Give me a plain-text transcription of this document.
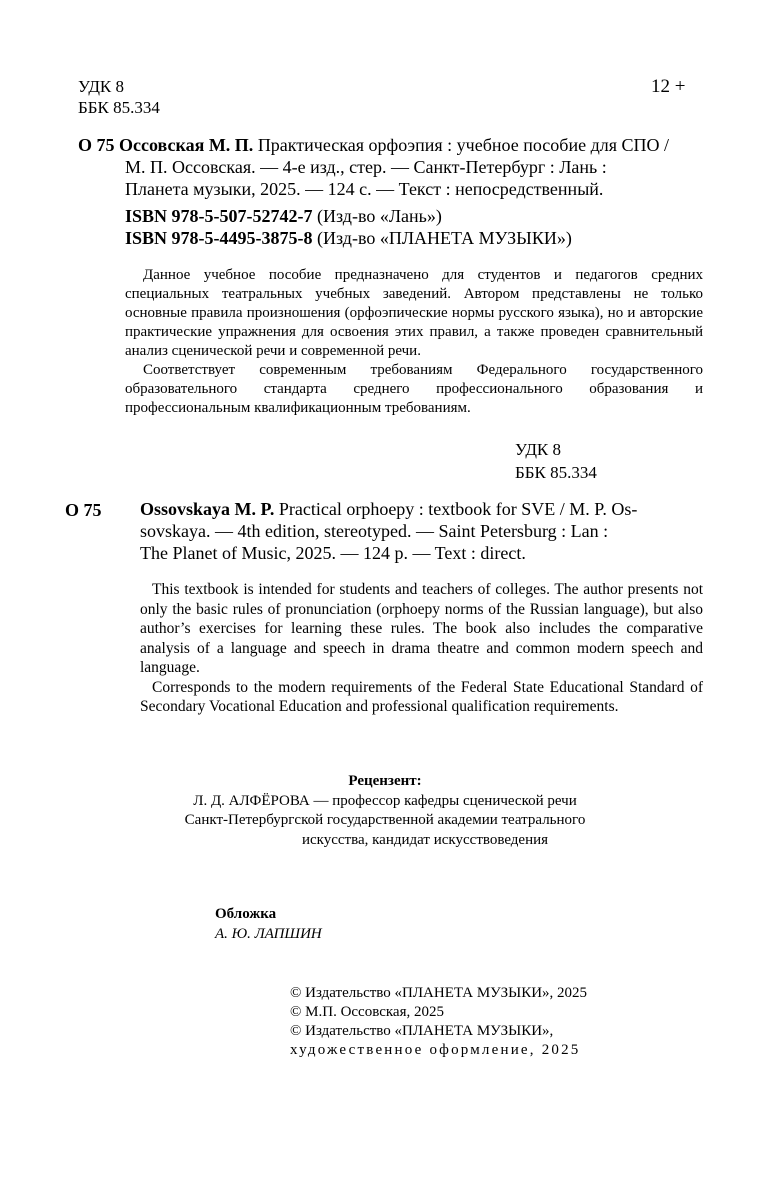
УДК 8
ББК 85.334
12 +
О 75 Оссовская М. П. Практическая орфоэпия : учебное пособие для СПО /
М. П. Оссовская. — 4-е изд., стер. — Санкт-Петербург : Лань :
Планета музыки, 2025. — 124 с. — Текст : непосредственный.
ISBN 978-5-507-52742-7 (Изд-во «Лань»)
ISBN 978-5-4495-3875-8 (Изд-во «ПЛАНЕТА МУЗЫКИ»)

Данное учебное пособие предназначено для студентов и педагогов средних специальных театральных учебных заведений. Автором представлены не только основные правила произношения (орфоэпические нормы русского языка), но и авторские практические упражнения для освоения этих правил, а также проведен сравнительный анализ сценической речи и современной речи.

Соответствует современным требованиям Федерального государственного образовательного стандарта среднего профессионального образования и профессиональным квалификационным требованиям.

УДК 8
ББК 85.334
O 75 Ossovskaya M. P. Practical orphoepy : textbook for SVE / M. P. Os-
sovskaya. — 4th edition, stereotyped. — Saint Petersburg : Lan :
The Planet of Music, 2025. — 124 p. — Text : direct.

This textbook is intended for students and teachers of colleges. The author presents not only the basic rules of pronunciation (orphoepy norms of the Russian language), but also author’s exercises for learning these rules. The book also includes the comparative analysis of a language and speech in drama theatre and common modern speech and language.

Corresponds to the modern requirements of the Federal State Educational Standard of Secondary Vocational Education and professional qualification requirements.

Рецензент:
Л. Д. АЛФЁРОВА — профессор кафедры сценической речи
Санкт-Петербургской государственной академии театрального
искусства, кандидат искусствоведения
Обложка
А. Ю. ЛАПШИН
© Издательство «ПЛАНЕТА МУЗЫКИ», 2025
© М.П. Оссовская, 2025
© Издательство «ПЛАНЕТА МУЗЫКИ»,
художественное оформление, 2025
